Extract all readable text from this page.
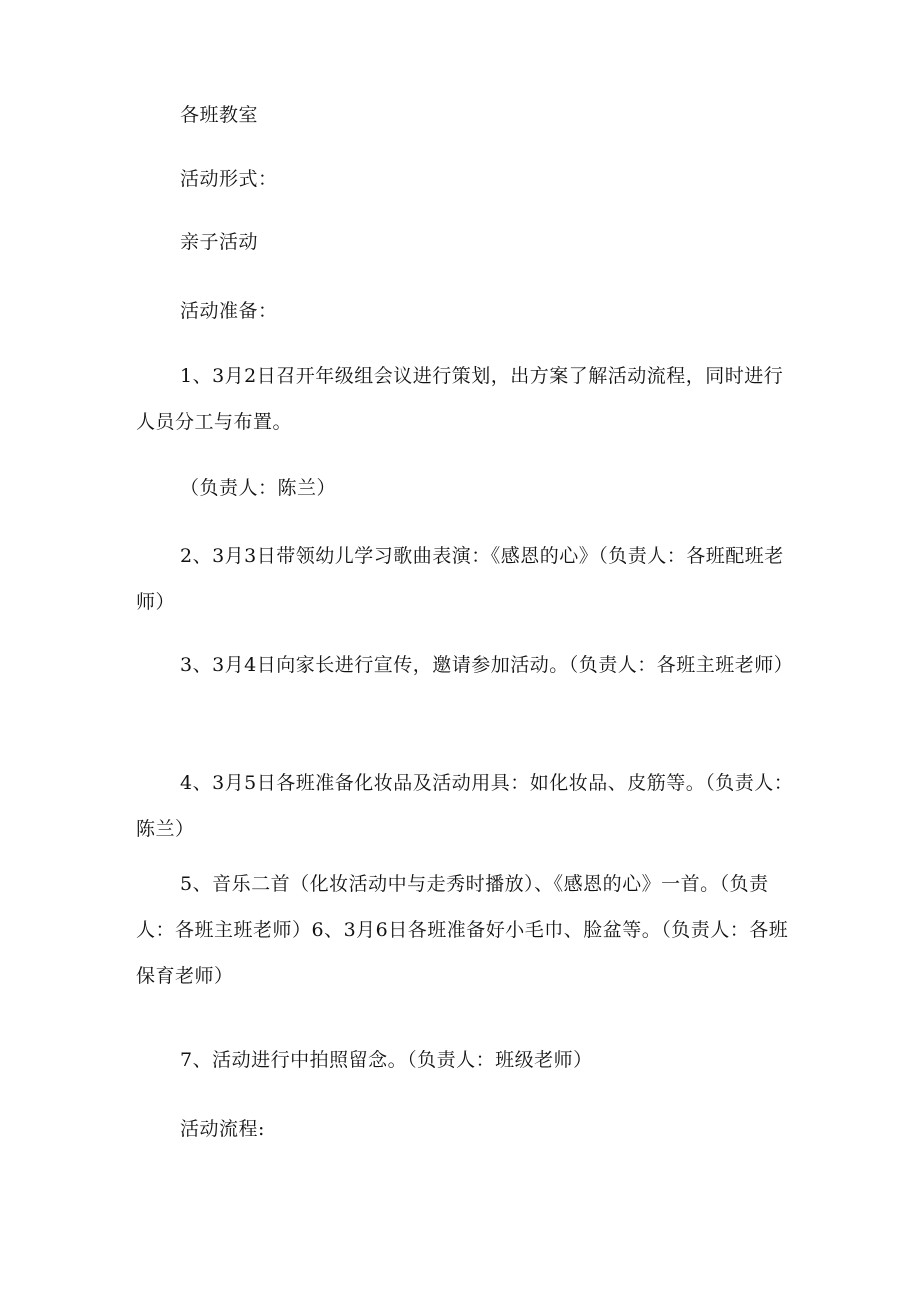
各班教室

活动形式：

亲子活动

活动准备：

1、3月2日召开年级组会议进行策划，出方案了解活动流程，同时进行人员分工与布置。

（负责人：陈兰）

2、3月3日带领幼儿学习歌曲表演：《感恩的心》（负责人：各班配班老师）

3、3月4日向家长进行宣传，邀请参加活动。（负责人：各班主班老师）

4、3月5日各班准备化妆品及活动用具：如化妆品、皮筋等。（负责人：陈兰）

5、音乐二首（化妆活动中与走秀时播放）、《感恩的心》一首。（负责人：各班主班老师）6、3月6日各班准备好小毛巾、脸盆等。（负责人：各班保育老师）

7、活动进行中拍照留念。（负责人：班级老师）

活动流程:
